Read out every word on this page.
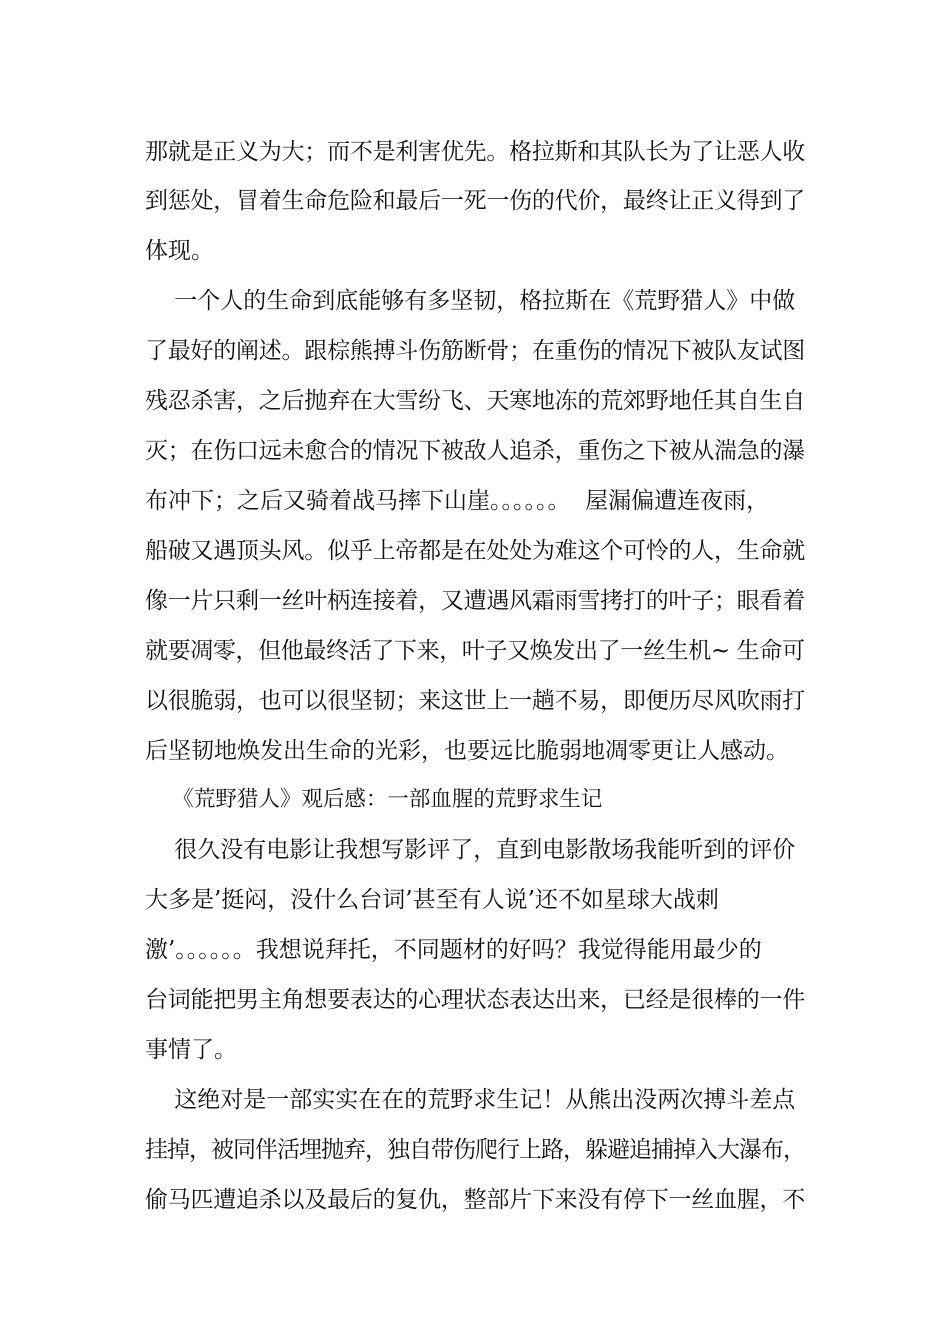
那就是正义为大；而不是利害优先。格拉斯和其队长为了让恶人收
到惩处，冒着生命危险和最后一死一伤的代价，最终让正义得到了
体现。
一个人的生命到底能够有多坚韧，格拉斯在《荒野猎人》中做
了最好的阐述。跟棕熊搏斗伤筋断骨；在重伤的情况下被队友试图
残忍杀害，之后抛弃在大雪纷飞、天寒地冻的荒郊野地任其自生自
灭；在伤口远未愈合的情况下被敌人追杀，重伤之下被从湍急的瀑
布冲下；之后又骑着战马摔下山崖。。。。。。  屋漏偏遭连夜雨，
船破又遇顶头风。似乎上帝都是在处处为难这个可怜的人，生命就
像一片只剩一丝叶柄连接着，又遭遇风霜雨雪拷打的叶子；眼看着
就要凋零，但他最终活了下来，叶子又焕发出了一丝生机~ 生命可
以很脆弱，也可以很坚韧；来这世上一趟不易，即便历尽风吹雨打
后坚韧地焕发出生命的光彩，也要远比脆弱地凋零更让人感动。
《荒野猎人》观后感：一部血腥的荒野求生记
很久没有电影让我想写影评了，直到电影散场我能听到的评价
大多是’挺闷，没什么台词’甚至有人说’还不如星球大战刺
激’。。。。。。我想说拜托，不同题材的好吗？我觉得能用最少的
台词能把男主角想要表达的心理状态表达出来，已经是很棒的一件
事情了。
这绝对是一部实实在在的荒野求生记！从熊出没两次搏斗差点
挂掉，被同伴活埋抛弃，独自带伤爬行上路，躲避追捕掉入大瀑布，
偷马匹遭追杀以及最后的复仇，整部片下来没有停下一丝血腥，不
